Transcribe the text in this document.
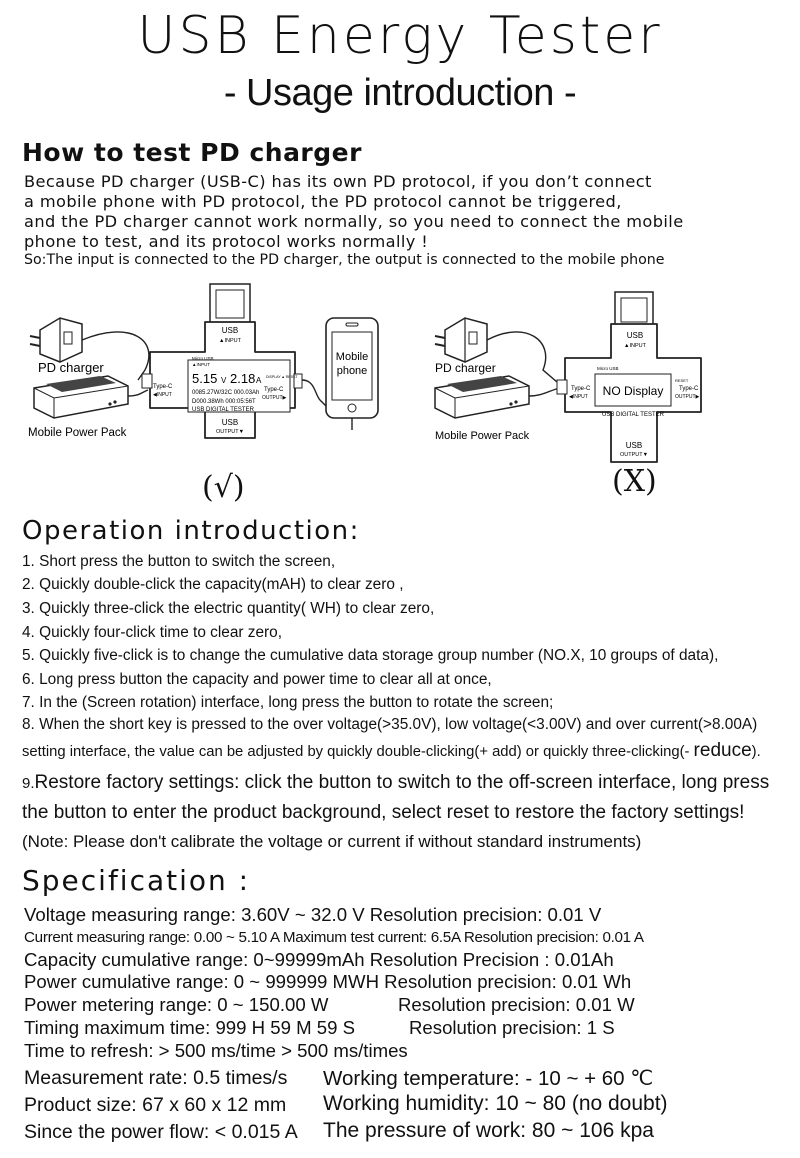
USB Energy Tester
- Usage introduction -
How to test PD charger
Because PD charger (USB-C) has its own PD protocol, if you don’t connect
a mobile phone with PD protocol, the PD protocol cannot be triggered,
and the PD charger cannot work normally, so you need to connect the mobile
phone to test, and its protocol works normally !
So:The input is connected to the PD charger, the output is connected to the mobile phone
PD charger
Mobile Power Pack
USB
▲INPUT
Micro USB
▲INPUT
Type-C
◀INPUT
5.15 V 2.18 A
0085.27W/32C 000.03Ah
D000.38Wh 000:05:56T
USB DIGITAL TESTER
DISPLAY ▲ RESET
Type-C
OUTPUT▶
USB
OUTPUT▼
Mobile
phone
(√)
PD charger
Mobile Power Pack
USB
▲INPUT
Micro USB
Type-C
◀INPUT NO Display
USB DIGITAL TESTER
RESET
Type-C
OUTPUT▶
USB
OUTPUT▼
(X)
Operation introduction:
1. Short press the button to switch the screen,
2. Quickly double-click the capacity(mAH) to clear zero ,
3. Quickly three-click the electric quantity( WH) to clear zero,
4. Quickly four-click time to clear zero,
5. Quickly five-click is to change the cumulative data storage group number (NO.X, 10 groups of data),
6. Long press button the capacity and power time to clear all at once,
7. In the (Screen rotation) interface, long press the button to rotate the screen;
8. When the short key is pressed to the over voltage(>35.0V), low voltage(<3.00V) and over current(>8.00A)
setting interface, the value can be adjusted by quickly double-clicking(+ add) or quickly three-clicking(- reduce).
9.Restore factory settings: click the button to switch to the off-screen interface, long press
the button to enter the product background, select reset to restore the factory settings!
(Note: Please don't calibrate the voltage or current if without standard instruments)
Specification :
Voltage measuring range: 3.60V ~ 32.0 V Resolution precision: 0.01 V
Current measuring range: 0.00 ~ 5.10 A Maximum test current: 6.5A Resolution precision: 0.01 A
Capacity cumulative range: 0~99999mAh Resolution Precision : 0.01Ah
Power cumulative range: 0 ~ 999999 MWH Resolution precision: 0.01 Wh
Power metering range: 0 ~ 150.00 W	Resolution precision: 0.01 W
Timing maximum time: 999 H 59 M 59 S	Resolution precision: 1 S
Time to refresh: > 500 ms/time > 500 ms/times
Measurement rate: 0.5 times/s Working temperature: - 10 ~ + 60 ℃
Product size: 67 x 60 x 12 mm Working humidity: 10 ~ 80 (no doubt)
Since the power flow: < 0.015 A The pressure of work: 80 ~ 106 kpa
